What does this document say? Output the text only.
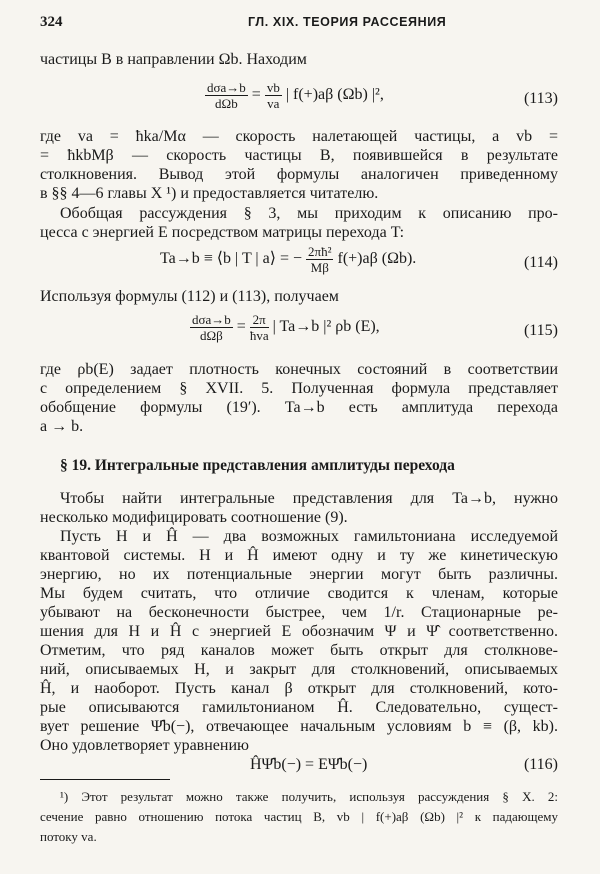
324	ГЛ. XIX. ТЕОРИЯ РАССЕЯНИЯ
частицы B в направлении Ωb. Находим
$\frac{\text{dσa→b}}{\text{dΩb}} = \frac{vb}{va}$ | f(+)aβ (Ωb) |²,	(113)
где va = ħka/Mα — скорость налетающей частицы, а vb =
= ħkbMβ — скорость частицы B, появившейся в результате
столкновения. Вывод этой формулы аналогичен приведенному
в §§ 4—6 главы X ¹) и предоставляется читателю.
Обобщая рассуждения § 3, мы приходим к описанию про-
цесса с энергией E посредством матрицы перехода T:
Ta→b ≡ ⟨b | T | a⟩ = − $\frac{\text{2πħ²}}{M\beta} f(+)a\beta$ (Ωb).	(114)
Используя формулы (112) и (113), получаем
$\frac{\text{dσa→b}}{\text{dΩβ}} = \frac{2\pi}{\text{ħva}}$ | Ta→b |² ρb (E),	(115)
где ρb(E) задает плотность конечных состояний в соответствии
с определением § XVII. 5. Полученная формула представляет
обобщение формулы (19′). Ta→b есть амплитуда перехода
a → b.
§ 19. Интегральные представления амплитуды перехода
Чтобы найти интегральные представления для Ta→b, нужно
несколько модифицировать соотношение (9).
Пусть H и Ĥ — два возможных гамильтониана исследуемой
квантовой системы. H и Ĥ имеют одну и ту же кинетическую
энергию, но их потенциальные энергии могут быть различны.
Мы будем считать, что отличие сводится к членам, которые
убывают на бесконечности быстрее, чем 1/r. Стационарные ре-
шения для H и Ĥ с энергией E обозначим Ψ и Ψ̂ соответственно.
Отметим, что ряд каналов может быть открыт для столкнове-
ний, описываемых H, и закрыт для столкновений, описываемых
Ĥ, и наоборот. Пусть канал β открыт для столкновений, кото-
рые описываются гамильтонианом Ĥ. Следовательно, сущест-
вует решение Ψ̂b(−), отвечающее начальным условиям b ≡ (β, kb).
Оно удовлетворяет уравнению
ĤΨ̂b(−) = EΨ̂b(−)	(116)
¹) Этот результат можно также получить, используя рассуждения § X. 2:
сечение равно отношению потока частиц B, vb | f(+)aβ (Ωb) |² к падающему
потоку va.
